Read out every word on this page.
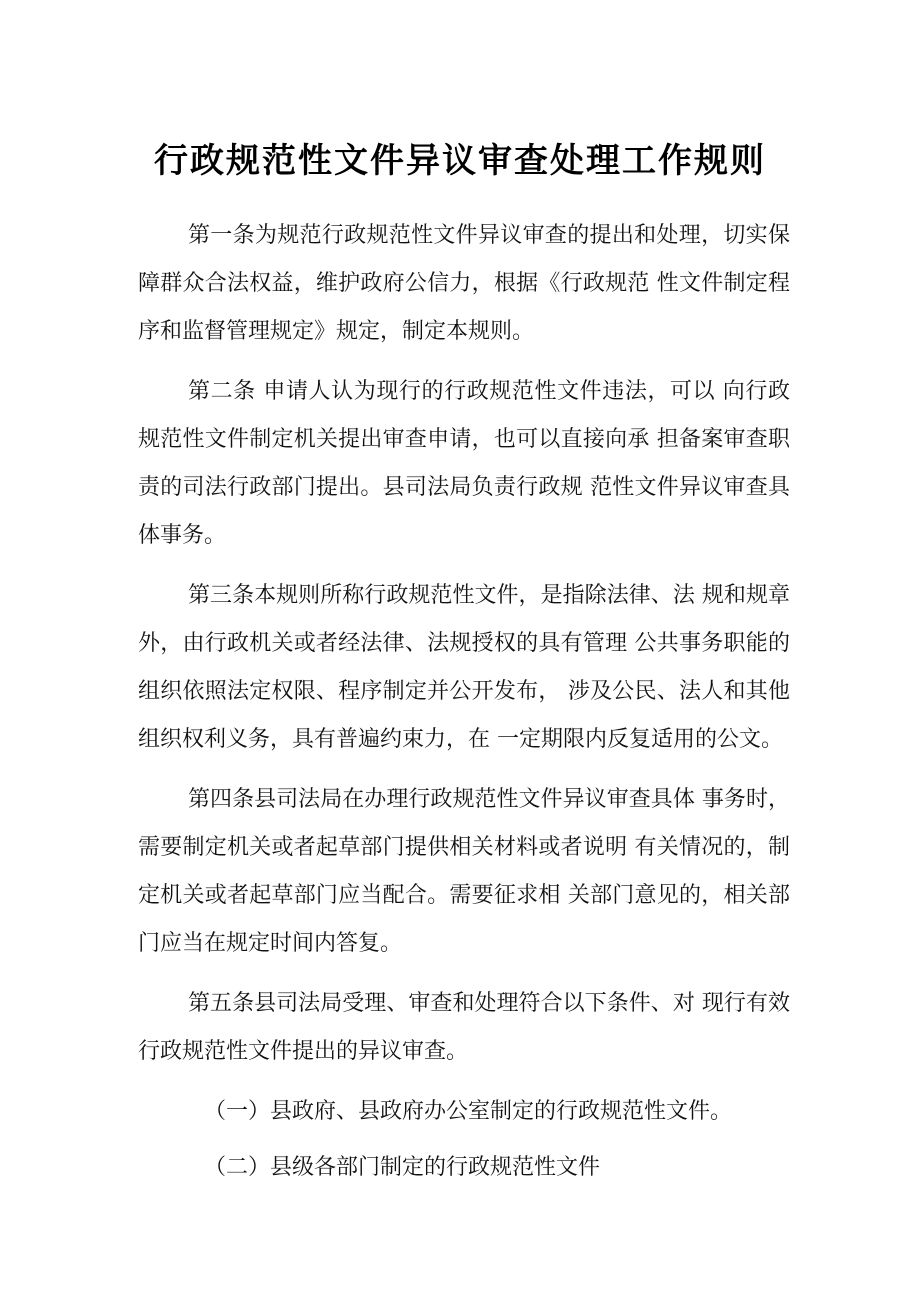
行政规范性文件异议审查处理工作规则

第一条为规范行政规范性文件异议审查的提出和处理，切实保障群众合法权益，维护政府公信力，根据《行政规范 性文件制定程序和监督管理规定》规定，制定本规则。

第二条 申请人认为现行的行政规范性文件违法，可以 向行政规范性文件制定机关提出审查申请，也可以直接向承 担备案审查职责的司法行政部门提出。县司法局负责行政规 范性文件异议审查具体事务。

第三条本规则所称行政规范性文件，是指除法律、法 规和规章外，由行政机关或者经法律、法规授权的具有管理 公共事务职能的组织依照法定权限、程序制定并公开发布， 涉及公民、法人和其他组织权利义务，具有普遍约束力，在 一定期限内反复适用的公文。

第四条县司法局在办理行政规范性文件异议审查具体 事务时，需要制定机关或者起草部门提供相关材料或者说明 有关情况的，制定机关或者起草部门应当配合。需要征求相 关部门意见的，相关部门应当在规定时间内答复。

第五条县司法局受理、审查和处理符合以下条件、对 现行有效行政规范性文件提出的异议审查。

（一）县政府、县政府办公室制定的行政规范性文件。

（二）县级各部门制定的行政规范性文件
